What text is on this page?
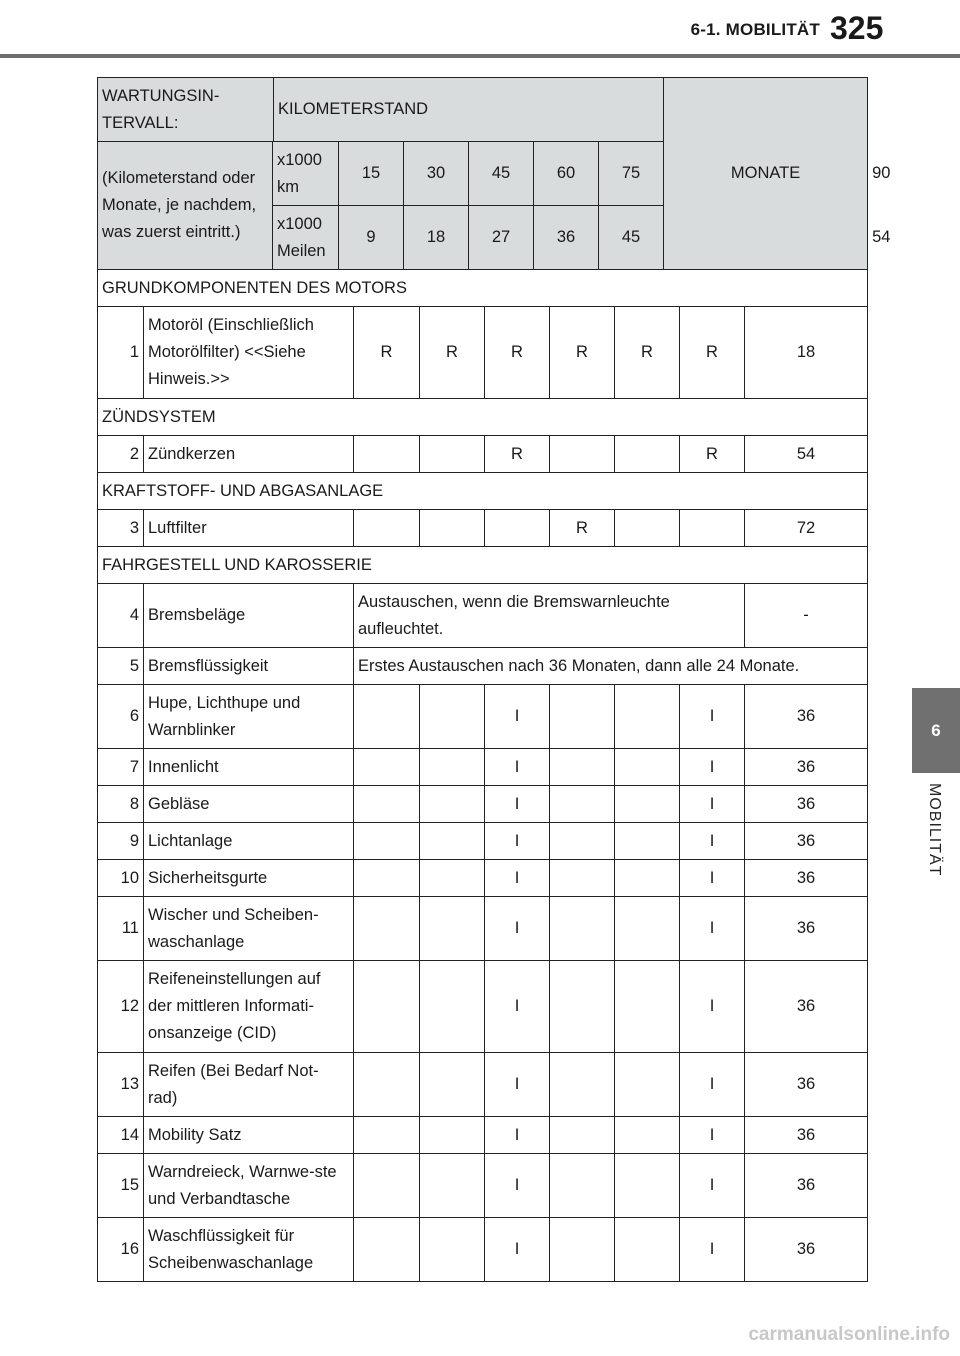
6-1. MOBILITÄT 325
6
MOBILITÄT
WARTUNGSIN-TERVALL:	KILOMETERSTAND						MONATE	

(Kilometerstand oder Monate, je nachdem, was zuerst eintritt.)	x1000 km	15	30	45	60	75		90
	x1000 Meilen	9	18	27	36	45		54
GRUNDKOMPONENTEN DES MOTORS								
1	Motoröl (Einschließlich Motorölfilter) <<Siehe Hinweis.>>	R	R	R	R	R	R	18
ZÜNDSYSTEM								
2	Zündkerzen			R			R	54
KRAFTSTOFF- UND ABGASANLAGE								
3	Luftfilter				R			72
FAHRGESTELL UND KAROSSERIE								
4	Bremsbeläge	Austauschen, wenn die Bremswarnleuchte aufleuchtet.						-
5	Bremsflüssigkeit	Erstes Austauschen nach 36 Monaten, dann alle 24 Monate.						
6	Hupe, Lichthupe und Warnblinker			I			I	36
7	Innenlicht			I			I	36
8	Gebläse			I			I	36
9	Lichtanlage			I			I	36
10	Sicherheitsgurte			I			I	36
11	Wischer und Scheiben-waschanlage			I			I	36
12	Reifeneinstellungen auf der mittleren Informati-onsanzeige (CID)			I			I	36
13	Reifen (Bei Bedarf Not-rad)			I			I	36
14	Mobility Satz			I			I	36
15	Warndreieck, Warnwe-ste und Verbandtasche			I			I	36
16	Waschflüssigkeit für Scheibenwaschanlage			I			I	36
carmanualsonline.info
